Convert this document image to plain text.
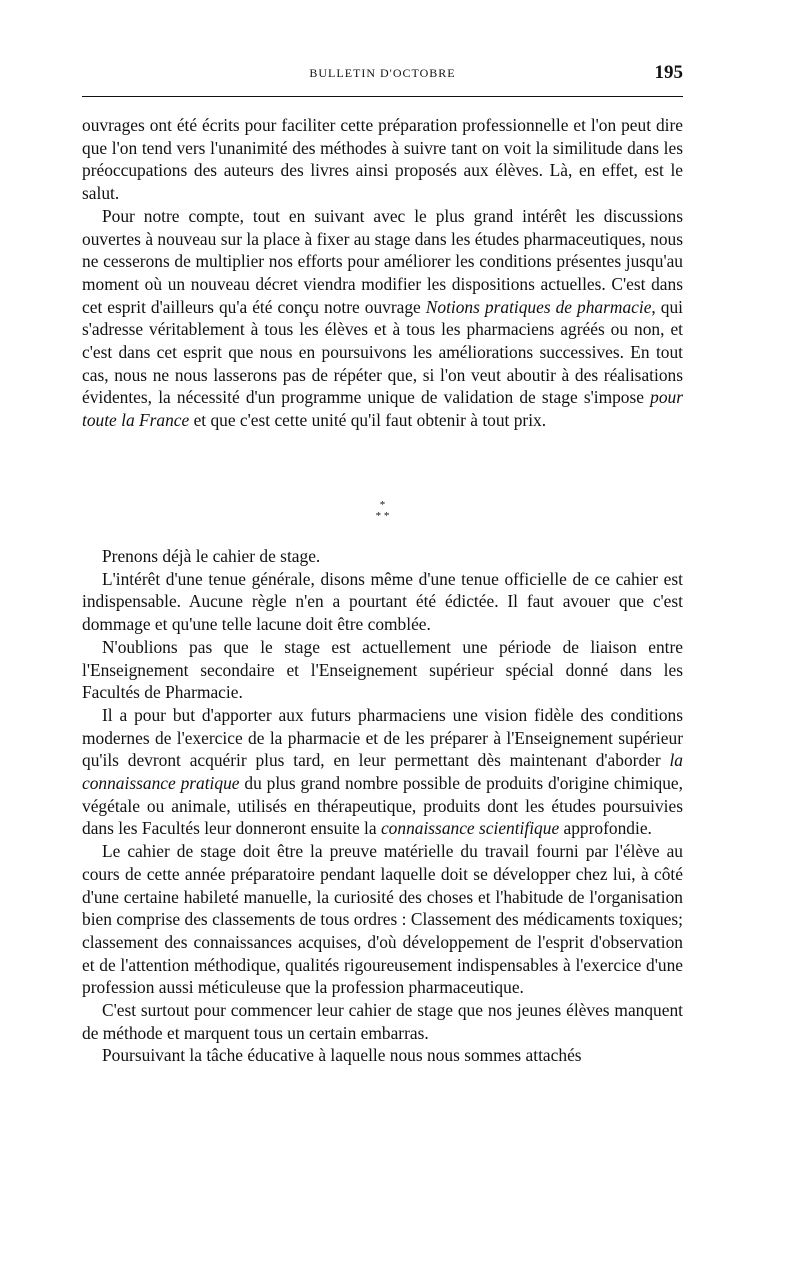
BULLETIN D'OCTOBRE	195

ouvrages ont été écrits pour faciliter cette préparation professionnelle et l'on peut dire que l'on tend vers l'unanimité des méthodes à suivre tant on voit la similitude dans les préoccupations des auteurs des livres ainsi proposés aux élèves. Là, en effet, est le salut.

Pour notre compte, tout en suivant avec le plus grand intérêt les discussions ouvertes à nouveau sur la place à fixer au stage dans les études pharmaceutiques, nous ne cesserons de multiplier nos efforts pour améliorer les conditions présentes jusqu'au moment où un nouveau décret viendra modifier les dispositions actuelles. C'est dans cet esprit d'ailleurs qu'a été conçu notre ouvrage Notions pratiques de pharmacie, qui s'adresse véritablement à tous les élèves et à tous les pharmaciens agréés ou non, et c'est dans cet esprit que nous en poursuivons les améliorations successives. En tout cas, nous ne nous lasserons pas de répéter que, si l'on veut aboutir à des réalisations évidentes, la nécessité d'un programme unique de validation de stage s'impose pour toute la France et que c'est cette unité qu'il faut obtenir à tout prix.

*
* *

Prenons déjà le cahier de stage.

L'intérêt d'une tenue générale, disons même d'une tenue officielle de ce cahier est indispensable. Aucune règle n'en a pourtant été édictée. Il faut avouer que c'est dommage et qu'une telle lacune doit être comblée.

N'oublions pas que le stage est actuellement une période de liaison entre l'Enseignement secondaire et l'Enseignement supérieur spécial donné dans les Facultés de Pharmacie.

Il a pour but d'apporter aux futurs pharmaciens une vision fidèle des conditions modernes de l'exercice de la pharmacie et de les préparer à l'Enseignement supérieur qu'ils devront acquérir plus tard, en leur permettant dès maintenant d'aborder la connaissance pratique du plus grand nombre possible de produits d'origine chimique, végétale ou animale, utilisés en thérapeutique, produits dont les études poursuivies dans les Facultés leur donneront ensuite la connaissance scientifique approfondie.

Le cahier de stage doit être la preuve matérielle du travail fourni par l'élève au cours de cette année préparatoire pendant laquelle doit se développer chez lui, à côté d'une certaine habileté manuelle, la curiosité des choses et l'habitude de l'organisation bien comprise des classements de tous ordres : Classement des médicaments toxiques; classement des connaissances acquises, d'où développement de l'esprit d'observation et de l'attention méthodique, qualités rigoureusement indispensables à l'exercice d'une profession aussi méticuleuse que la profession pharmaceutique.

C'est surtout pour commencer leur cahier de stage que nos jeunes élèves manquent de méthode et marquent tous un certain embarras.

Poursuivant la tâche éducative à laquelle nous nous sommes attachés
